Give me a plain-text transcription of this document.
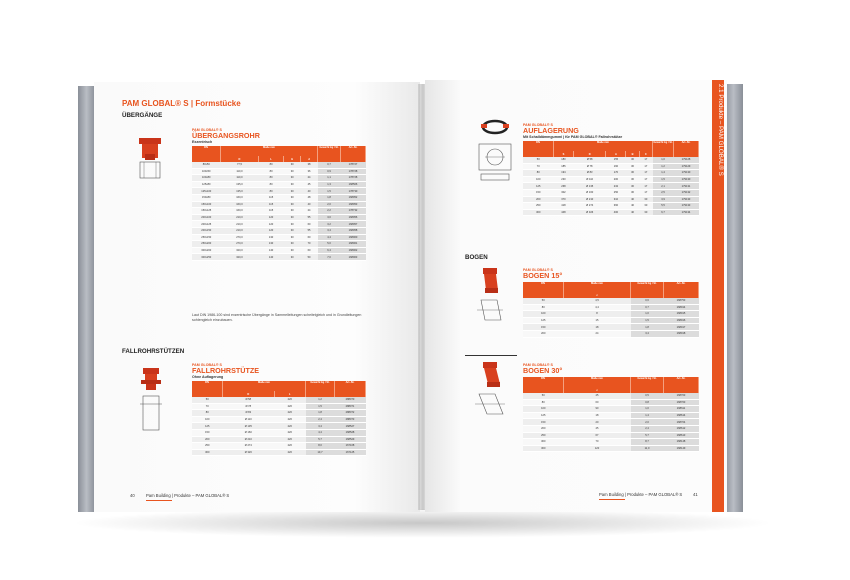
PAM GLOBAL® S | Formstücke
ÜBERGÄNGE
PAM GLOBAL® S
ÜBERGANGSROHR
Exzentrisch
DN	Maße mm				Gewicht kg / St.	Art.-Nr.
	D	L	H	d		
80x50	77,5	80	30	38	0,7	178727
100x50	110,0	80	30	36	0,9	178728
100x80	110,0	80	30	24	1,1	178728
125x80	135,0	80	30	45	1,3	168566
125x100	135,0	80	30	40	1,5	178730
150x80	160,0	115	30	48	1,8	168952
150x100	160,0	115	30	40	2,0	168953
150x125	160,0	115	30	24	2,2	178732
200x100	210,0	120	30	55	3,0	168956
200x125	210,0	120	30	60	3,2	168957
200x150	210,0	120	30	55	3,4	168958
250x150	270,0	130	30	60	4,4	168960
250x200	270,0	130	30	70	5,0	168961
300x200	320,0	140	30	60	6,4	168962
300x250	320,0	140	30	50	7,0	168963
Laut DIN 1986-100 sind exzentrische Übergänge in Sammelleitungen scheitelgleich und in Grundleitungen sohlengleich einzubauen.
FALLROHRSTÜTZEN
PAM GLOBAL® S
FALLROHRSTÜTZE
Ohne Auflagerung
DN	Maße mm		Gewicht kg / St.	Art.-Nr.
	D	L		
50	Ø 58	220	1,2	288070
70	Ø 78	220	1,5	288071
80	Ø 83	220	1,8	288072
100	Ø 110	220	2,4	288073
125	Ø 135	220	3,4	168527
150	Ø 160	220	4,4	168528
200	Ø 210	220	5,7	168529
250	Ø 274	220	8,0	167108
300	Ø 326	220	10,7	167125
40	Pam Building | Produkte – PAM GLOBAL® S
PAM GLOBAL® S
AUFLAGERUNG
Mit Schalldämmgummi | für PAM GLOBAL® Fallrohrstütze
DN	Maße mm					Gewicht kg / St.	Art.-Nr.
	S	D	A	B	C		
50	180	Ø 58	155	30	17	1,0	179128
70	185	Ø 78	160	30	17	1,2	179129
80	194	Ø 83	170	30	17	1,4	179130
100	230	Ø 110	200	30	17	1,5	179130
125	268	Ø 135	232	30	17	2,1	179131
150	302	Ø 160	250	30	17	2,5	179132
200	370	Ø 210	310	40	30	3,9	179133
250	418	Ø 274	360	40	30	5,5	179133
300	448	Ø 326	400	40	30	6,7	179134
BOGEN
PAM GLOBAL® S
BOGEN 15°
DN	Maße mm	Gewicht kg / St.	Art.-Nr.
	z		
50	4,5	0,6	168753
80	4,4	0,7	168914
100	8	1,0	168915
125	15	1,5	168916
150	18	1,8	168917
200	24	3,4	168918
PAM GLOBAL® S
BOGEN 30°
DN	Maße mm	Gewicht kg / St.	Art.-Nr.
	z		
50	45	0,5	168763
80	60	0,8	168763
100	90	1,0	168611
125	18	1,4	168614
150	20	2,0	168704
200	45	2,4	168612
250	67	5,7	168613
300	70	8,7	168148
300	120	11,0	168149
Pam Building | Produkte – PAM GLOBAL® S	41
2.1 Produkte – PAM GLOBAL® S
